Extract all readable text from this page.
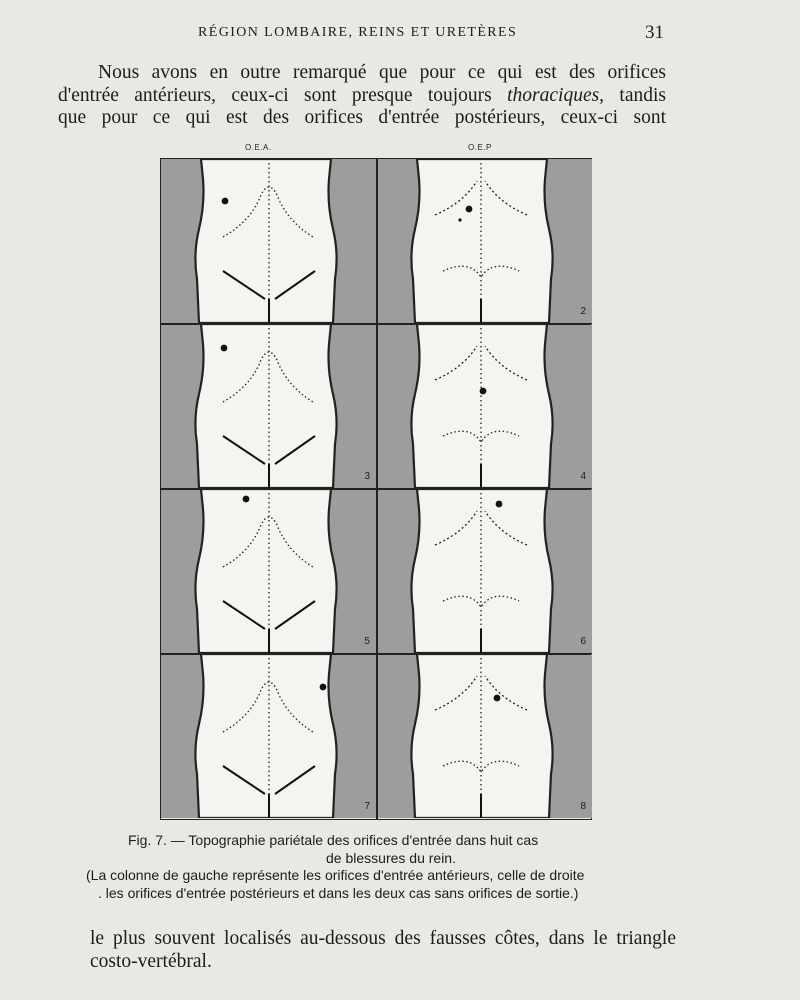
RÉGION LOMBAIRE, REINS ET URETÈRES	31
Nous avons en outre remarqué que pour ce qui est des orifices
d'entrée antérieurs, ceux-ci sont presque toujours thoraciques, tandis
que pour ce qui est des orifices d'entrée postérieurs, ceux-ci sont
O.E.A.	O.E.P
2
3	4
5	6
7	8
Fig. 7. — Topographie pariétale des orifices d'entrée dans huit cas
de blessures du rein.
(La colonne de gauche représente les orifices d'entrée antérieurs, celle de droite
. les orifices d'entrée postérieurs et dans les deux cas sans orifices de sortie.)
le plus souvent localisés au-dessous des fausses côtes, dans le triangle
costo-vertébral.
